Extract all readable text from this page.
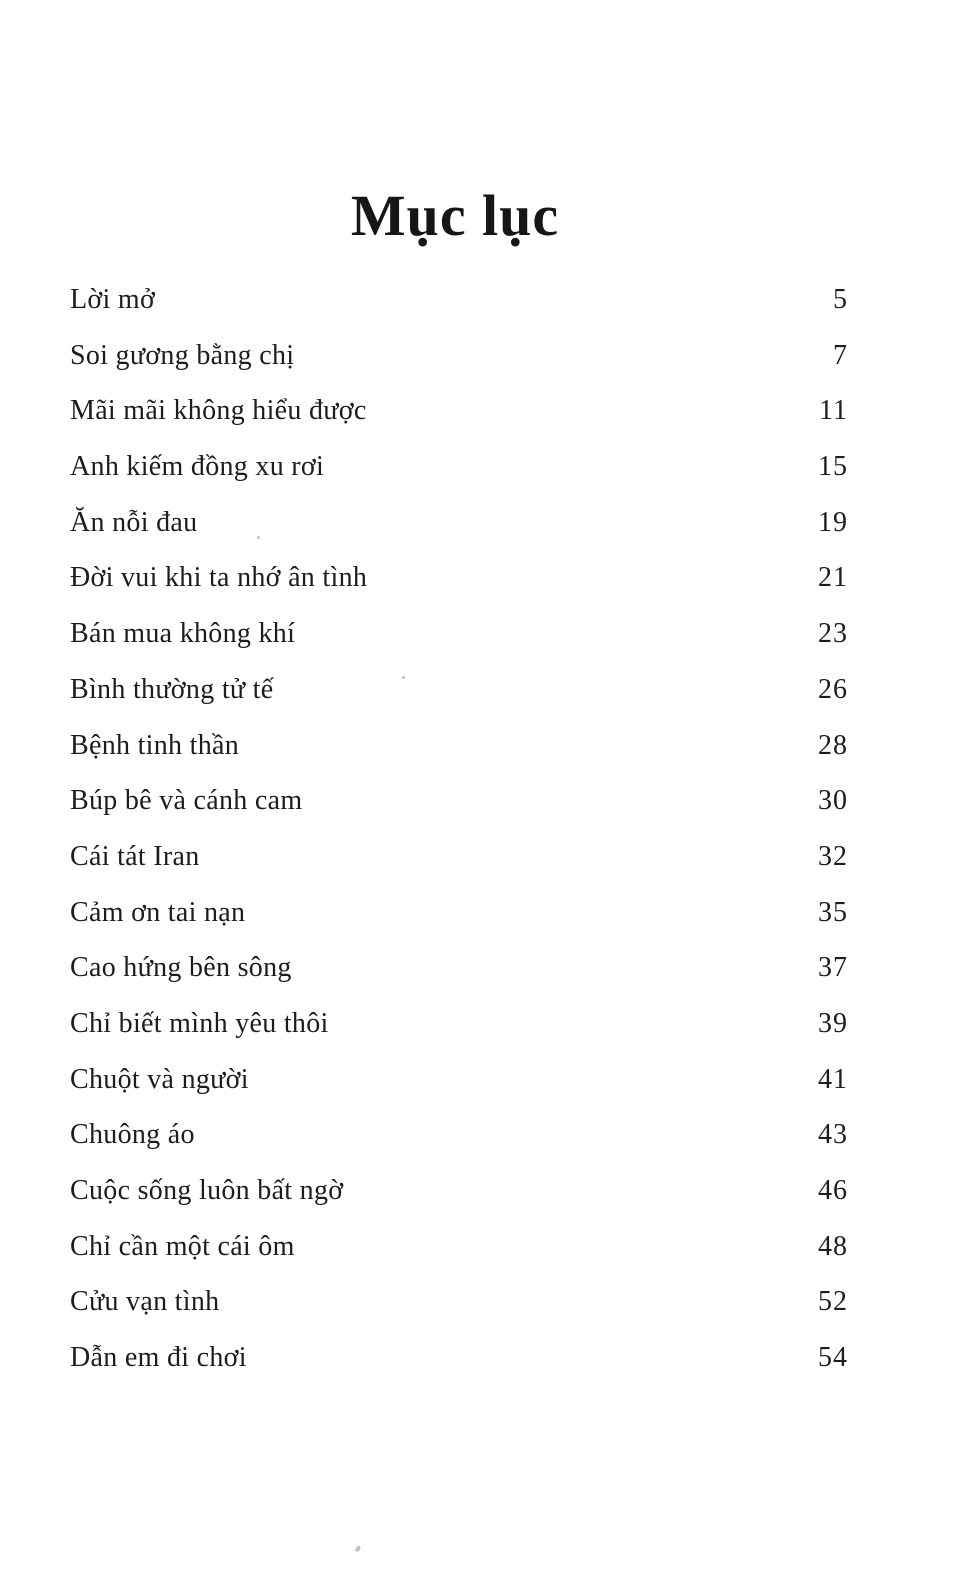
Mục lục
Lời mở	5
Soi gương bằng chị	7
Mãi mãi không hiểu được	11
Anh kiếm đồng xu rơi	15
Ăn nỗi đau	19
Đời vui khi ta nhớ ân tình	21
Bán mua không khí	23
Bình thường tử tế	26
Bệnh tinh thần	28
Búp bê và cánh cam	30
Cái tát Iran	32
Cảm ơn tai nạn	35
Cao hứng bên sông	37
Chỉ biết mình yêu thôi	39
Chuột và người	41
Chuông áo	43
Cuộc sống luôn bất ngờ	46
Chỉ cần một cái ôm	48
Cửu vạn tình	52
Dẫn em đi chơi	54
